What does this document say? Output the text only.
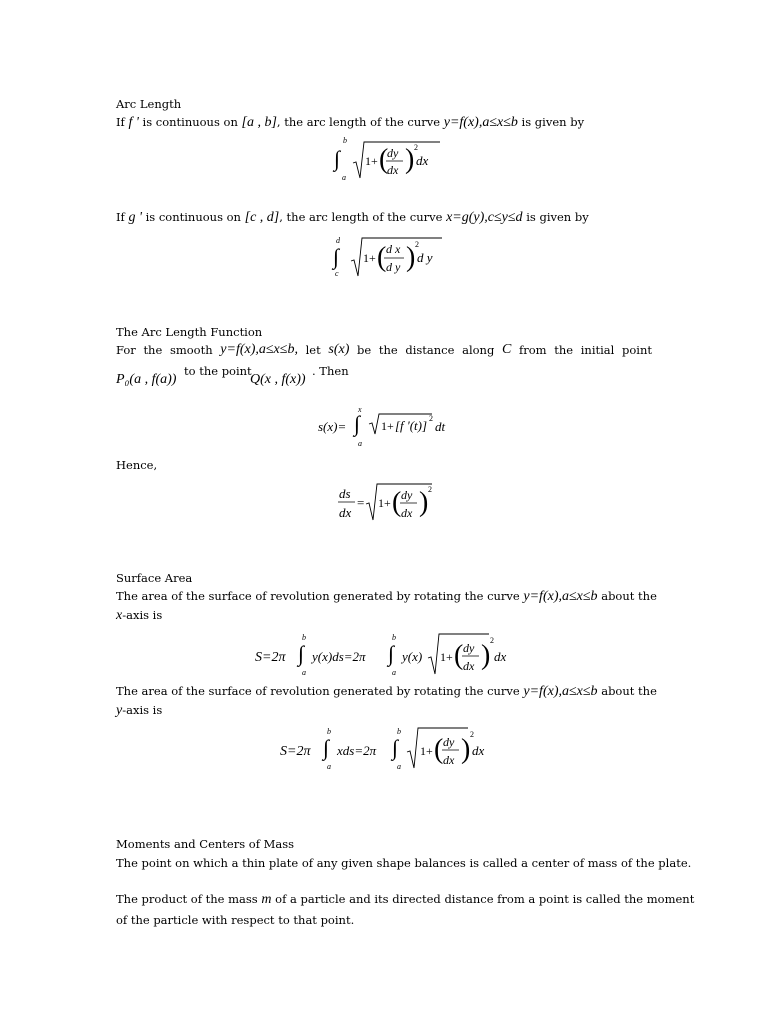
Arc Length
If f ' is continuous on [a , b], the arc length of the curve y=f(x),a≤x≤b is given by
b
∫
a
1+ (
dy
dx ) 2
dx
If g ' is continuous on [c , d], the arc length of the curve x=g(y),c≤y≤d is given by
d
∫
c
1+ ( d x
d y ) 2
d y
The Arc Length Function
For the smooth y=f(x),a≤x≤b, let s(x) be the distance along C from the initial point
P₀(a , f(a))
to the point
Q(x , f(x))
. Then
s(x)= ∫
x
a
1+ [f '(t)] 2
dt
Hence,
ds
dx
= 1+ ( dy
dx ) 2
Surface Area
The area of the surface of revolution generated by rotating the curve y=f(x),a≤x≤b about the
x-axis is
S=2π ∫
b
a
y(x)ds=2π ∫
b
a
y(x) 1+ ( dy
dx ) 2
dx
The area of the surface of revolution generated by rotating the curve y=f(x),a≤x≤b about the
y-axis is
S=2π ∫
b
a
xds=2π ∫
b
a
1+ ( dy
dx ) 2
dx
Moments and Centers of Mass
The point on which a thin plate of any given shape balances is called a center of mass of the plate.
The product of the mass m of a particle and its directed distance from a point is called the moment
of the particle with respect to that point.
